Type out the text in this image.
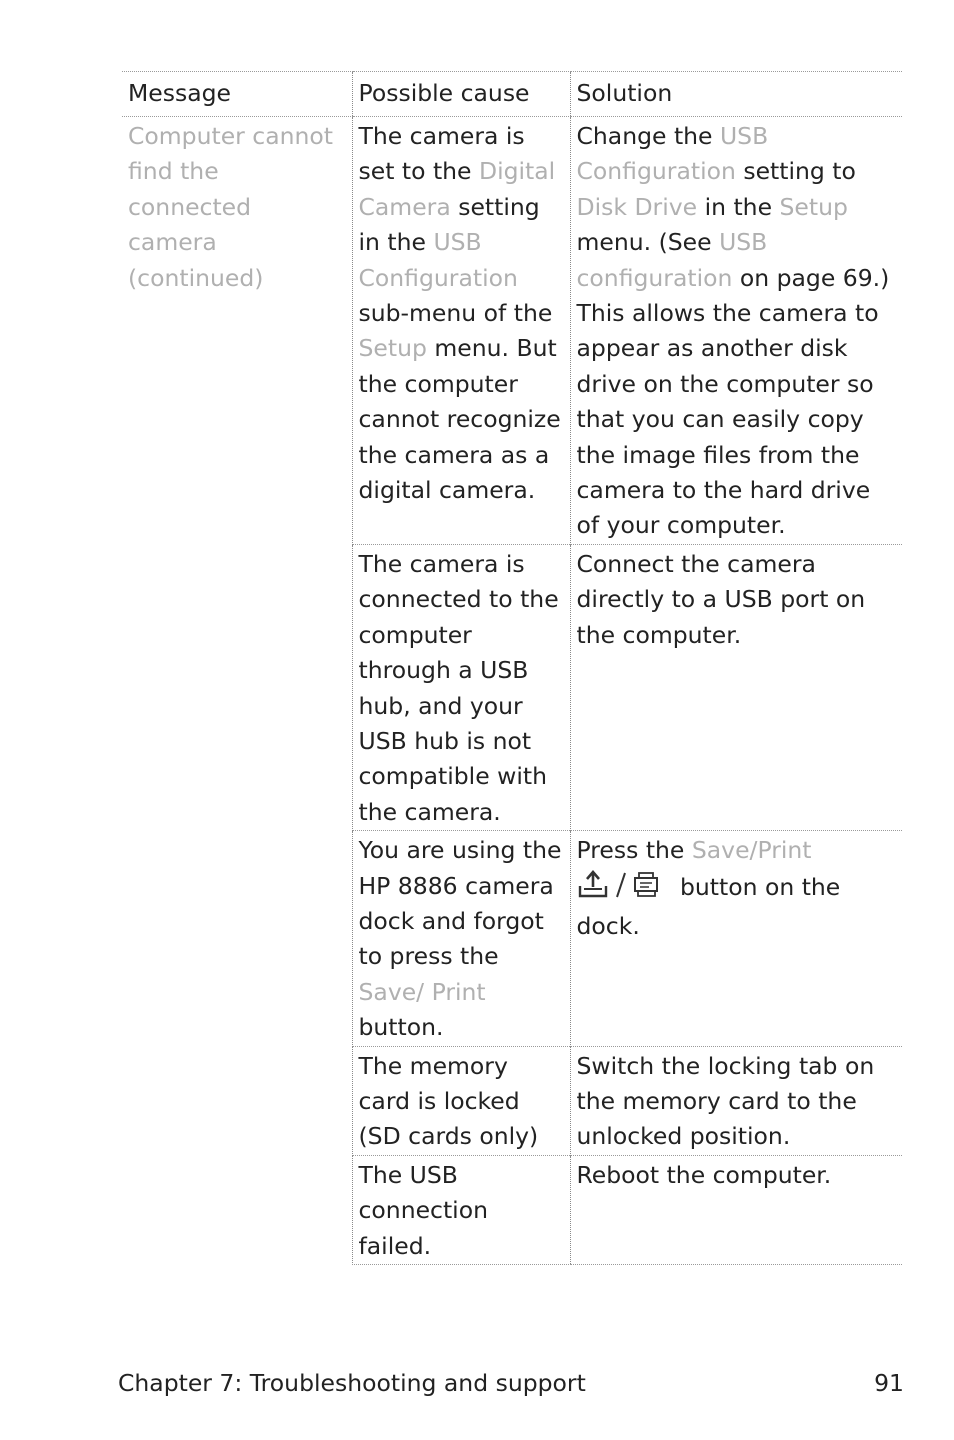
Message	Possible cause	Solution
Computer cannot find the connected camera (continued)	The camera is set to the Digital Camera setting in the USB Configuration sub-menu of the Setup menu. But the computer cannot recognize the camera as a digital camera.	Change the USB Configuration setting to Disk Drive in the Setup menu. (See USB configuration on page 69.) This allows the camera to appear as another disk drive on the computer so that you can easily copy the image files from the camera to the hard drive of your computer.
	The camera is connected to the computer through a USB hub, and your USB hub is not compatible with the camera.	Connect the camera directly to a USB port on the computer.
	You are using the HP 8886 camera dock and forgot to press the Save/ Print button.	Press the Save/Print
button on the dock.
	The memory card is locked (SD cards only)	Switch the locking tab on the memory card to the unlocked position.
	The USB connection failed.	Reboot the computer.
Chapter 7: Troubleshooting and support	91
